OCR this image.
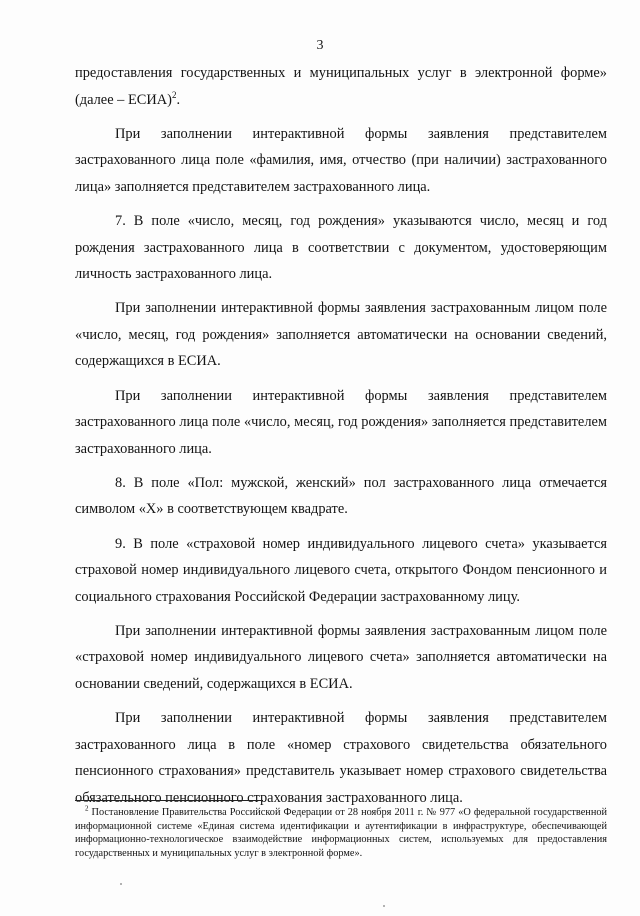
3

предоставления государственных и муниципальных услуг в электронной форме» (далее – ЕСИА)$^2$.

При заполнении интерактивной формы заявления представителем застрахованного лица поле «фамилия, имя, отчество (при наличии) застрахованного лица» заполняется представителем застрахованного лица.

7. В поле «число, месяц, год рождения» указываются число, месяц и год рождения застрахованного лица в соответствии с документом, удостоверяющим личность застрахованного лица.

При заполнении интерактивной формы заявления застрахованным лицом поле «число, месяц, год рождения» заполняется автоматически на основании сведений, содержащихся в ЕСИА.

При заполнении интерактивной формы заявления представителем застрахованного лица поле «число, месяц, год рождения» заполняется представителем застрахованного лица.

8. В поле «Пол: мужской, женский» пол застрахованного лица отмечается символом «Х» в соответствующем квадрате.

9. В поле «страховой номер индивидуального лицевого счета» указывается страховой номер индивидуального лицевого счета, открытого Фондом пенсионного и социального страхования Российской Федерации застрахованному лицу.

При заполнении интерактивной формы заявления застрахованным лицом поле «страховой номер индивидуального лицевого счета» заполняется автоматически на основании сведений, содержащихся в ЕСИА.

При заполнении интерактивной формы заявления представителем застрахованного лица в поле «номер страхового свидетельства обязательного пенсионного страхования» представитель указывает номер страхового свидетельства обязательного пенсионного страхования застрахованного лица.

$^2$ Постановление Правительства Российской Федерации от 28 ноября 2011 г. № 977 «О федеральной государственной информационной системе «Единая система идентификации и аутентификации в инфраструктуре, обеспечивающей информационно-технологическое взаимодействие информационных систем, используемых для предоставления государственных и муниципальных услуг в электронной форме».
